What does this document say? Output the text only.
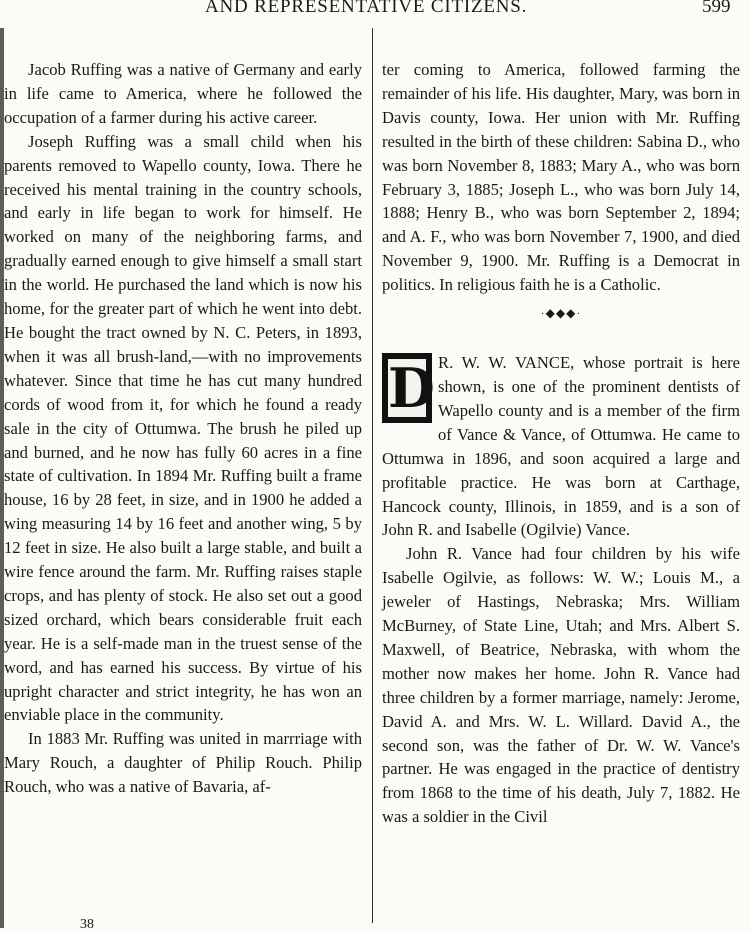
AND REPRESENTATIVE CITIZENS.	599

Jacob Ruffing was a native of Germany and early in life came to America, where he followed the occupation of a farmer during his active career.

Joseph Ruffing was a small child when his parents removed to Wapello county, Iowa. There he received his mental training in the country schools, and early in life began to work for himself. He worked on many of the neighboring farms, and gradually earned enough to give himself a small start in the world. He purchased the land which is now his home, for the greater part of which he went into debt. He bought the tract owned by N. C. Peters, in 1893, when it was all brush-land,—with no improvements whatever. Since that time he has cut many hundred cords of wood from it, for which he found a ready sale in the city of Ottumwa. The brush he piled up and burned, and he now has fully 60 acres in a fine state of cultivation. In 1894 Mr. Ruffing built a frame house, 16 by 28 feet, in size, and in 1900 he added a wing measuring 14 by 16 feet and another wing, 5 by 12 feet in size. He also built a large stable, and built a wire fence around the farm. Mr. Ruffing raises staple crops, and has plenty of stock. He also set out a good sized orchard, which bears considerable fruit each year. He is a self-made man in the truest sense of the word, and has earned his success. By virtue of his upright character and strict integrity, he has won an enviable place in the community.

In 1883 Mr. Ruffing was united in marrriage with Mary Rouch, a daughter of Philip Rouch. Philip Rouch, who was a native of Bavaria, af-

ter coming to America, followed farming the remainder of his life. His daughter, Mary, was born in Davis county, Iowa. Her union with Mr. Ruffing resulted in the birth of these children: Sabina D., who was born November 8, 1883; Mary A., who was born February 3, 1885; Joseph L., who was born July 14, 1888; Henry B., who was born September 2, 1894; and A. F., who was born November 7, 1900, and died November 9, 1900. Mr. Ruffing is a Democrat in politics. In religious faith he is a Catholic.

·◆◆◆·
D R. W. W. VANCE, whose portrait is here shown, is one of the prominent dentists of Wapello county and is a member of the firm of Vance & Vance, of Ottumwa. He came to Ottumwa in 1896, and soon acquired a large and profitable practice. He was born at Carthage, Hancock county, Illinois, in 1859, and is a son of John R. and Isabelle (Ogilvie) Vance.

John R. Vance had four children by his wife Isabelle Ogilvie, as follows: W. W.; Louis M., a jeweler of Hastings, Nebraska; Mrs. William McBurney, of State Line, Utah; and Mrs. Albert S. Maxwell, of Beatrice, Nebraska, with whom the mother now makes her home. John R. Vance had three children by a former marriage, namely: Jerome, David A. and Mrs. W. L. Willard. David A., the second son, was the father of Dr. W. W. Vance's partner. He was engaged in the practice of dentistry from 1868 to the time of his death, July 7, 1882. He was a soldier in the Civil

38
